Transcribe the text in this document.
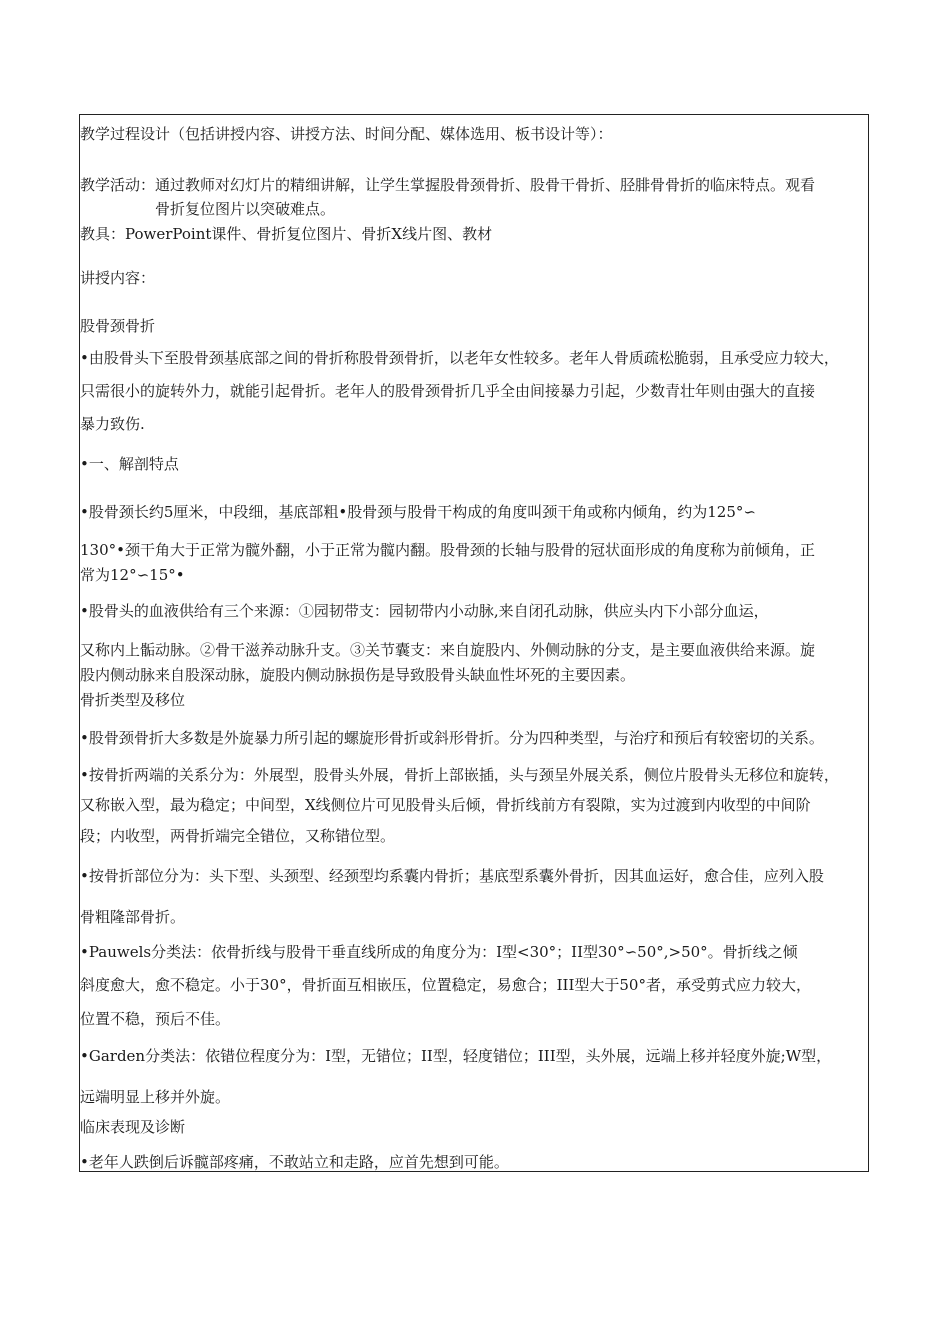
教学过程设计（包括讲授内容、讲授方法、时间分配、媒体选用、板书设计等）：
教学活动：通过教师对幻灯片的精细讲解，让学生掌握股骨颈骨折、股骨干骨折、胫腓骨骨折的临床特点。观看
骨折复位图片以突破难点。
教具：PowerPoint课件、骨折复位图片、骨折X线片图、教材
讲授内容：
股骨颈骨折
•由股骨头下至股骨颈基底部之间的骨折称股骨颈骨折，以老年女性较多。老年人骨质疏松脆弱，且承受应力较大，
只需很小的旋转外力，就能引起骨折。老年人的股骨颈骨折几乎全由间接暴力引起，少数青壮年则由强大的直接
暴力致伤.
•一、解剖特点
•股骨颈长约5厘米，中段细，基底部粗•股骨颈与股骨干构成的角度叫颈干角或称内倾角，约为125°∽
130°•颈干角大于正常为髋外翻，小于正常为髋内翻。股骨颈的长轴与股骨的冠状面形成的角度称为前倾角，正
常为12°∽15°•
•股骨头的血液供给有三个来源：①园韧带支：园韧带内小动脉,来自闭孔动脉，供应头内下小部分血运，
又称内上骺动脉。②骨干滋养动脉升支。③关节囊支：来自旋股内、外侧动脉的分支，是主要血液供给来源。旋
股内侧动脉来自股深动脉，旋股内侧动脉损伤是导致股骨头缺血性坏死的主要因素。
骨折类型及移位
•股骨颈骨折大多数是外旋暴力所引起的螺旋形骨折或斜形骨折。分为四种类型，与治疗和预后有较密切的关系。
•按骨折两端的关系分为：外展型，股骨头外展，骨折上部嵌插，头与颈呈外展关系，侧位片股骨头无移位和旋转，
又称嵌入型，最为稳定；中间型，X线侧位片可见股骨头后倾，骨折线前方有裂隙，实为过渡到内收型的中间阶
段；内收型，两骨折端完全错位，又称错位型。
•按骨折部位分为：头下型、头颈型、经颈型均系囊内骨折；基底型系囊外骨折，因其血运好，愈合佳，应列入股
骨粗隆部骨折。
•Pauwels分类法：依骨折线与股骨干垂直线所成的角度分为：I型<30°；II型30°∽50°,>50°。骨折线之倾
斜度愈大，愈不稳定。小于30°，骨折面互相嵌压，位置稳定，易愈合；III型大于50°者，承受剪式应力较大，
位置不稳，预后不佳。
•Garden分类法：依错位程度分为：I型，无错位；II型，轻度错位；III型，头外展，远端上移并轻度外旋;W型，
远端明显上移并外旋。
临床表现及诊断
•老年人跌倒后诉髋部疼痛，不敢站立和走路，应首先想到可能。
